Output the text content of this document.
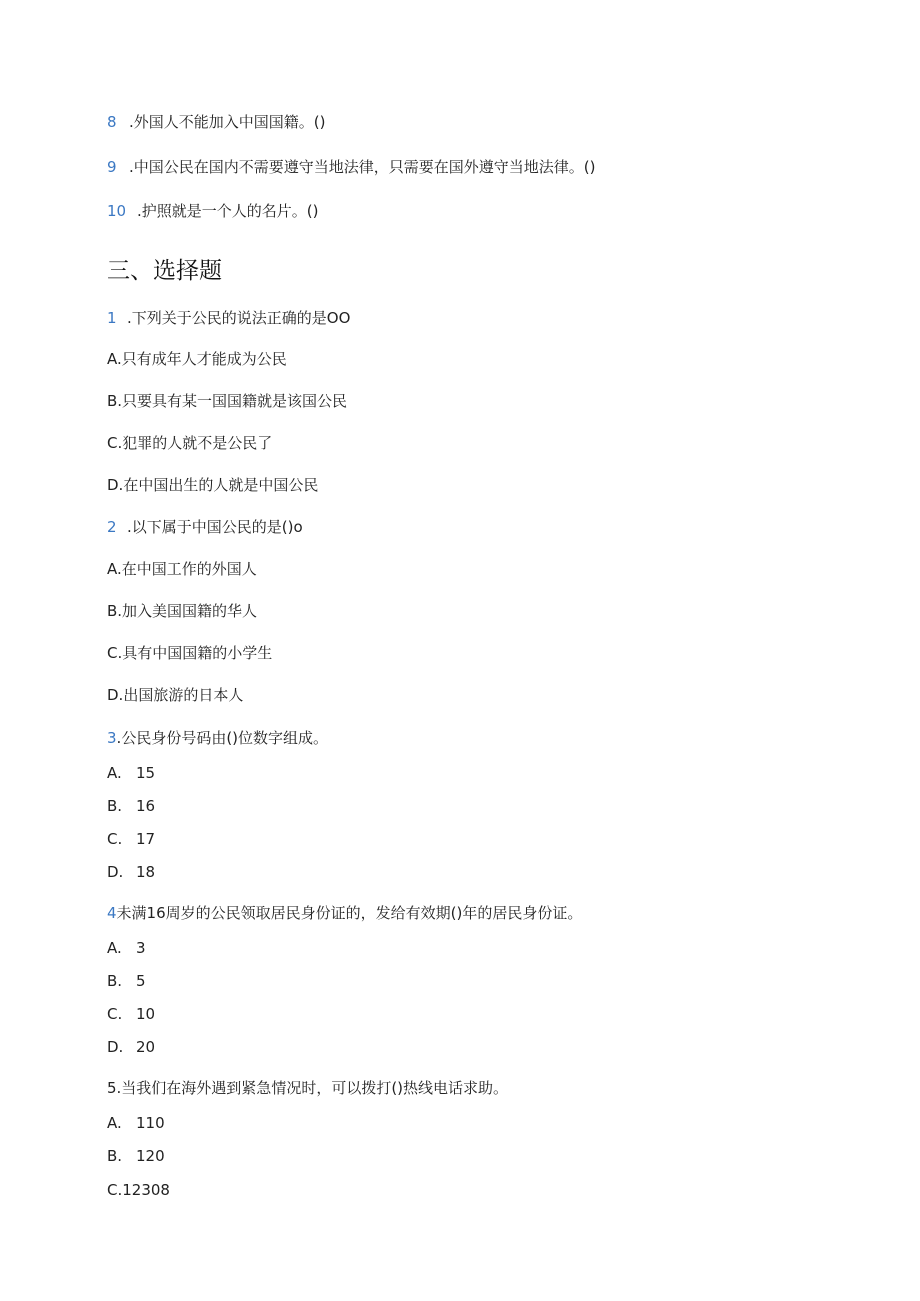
8 .外国人不能加入中国国籍。()
9 .中国公民在国内不需要遵守当地法律，只需要在国外遵守当地法律。()
10 .护照就是一个人的名片。()
三、选择题
1 .下列关于公民的说法正确的是OO
A.只有成年人才能成为公民
B.只要具有某一国国籍就是该国公民
C.犯罪的人就不是公民了
D.在中国出生的人就是中国公民
2 .以下属于中国公民的是()o
A.在中国工作的外国人
B.加入美国国籍的华人
C.具有中国国籍的小学生
D.出国旅游的日本人
3.公民身份号码由()位数字组成。
A. 15
B. 16
C. 17
D. 18
4未满16周岁的公民领取居民身份证的，发给有效期()年的居民身份证。
A. 3
B. 5
C. 10
D. 20
5.当我们在海外遇到紧急情况时，可以拨打()热线电话求助。
A. 110
B. 120
C.12308
